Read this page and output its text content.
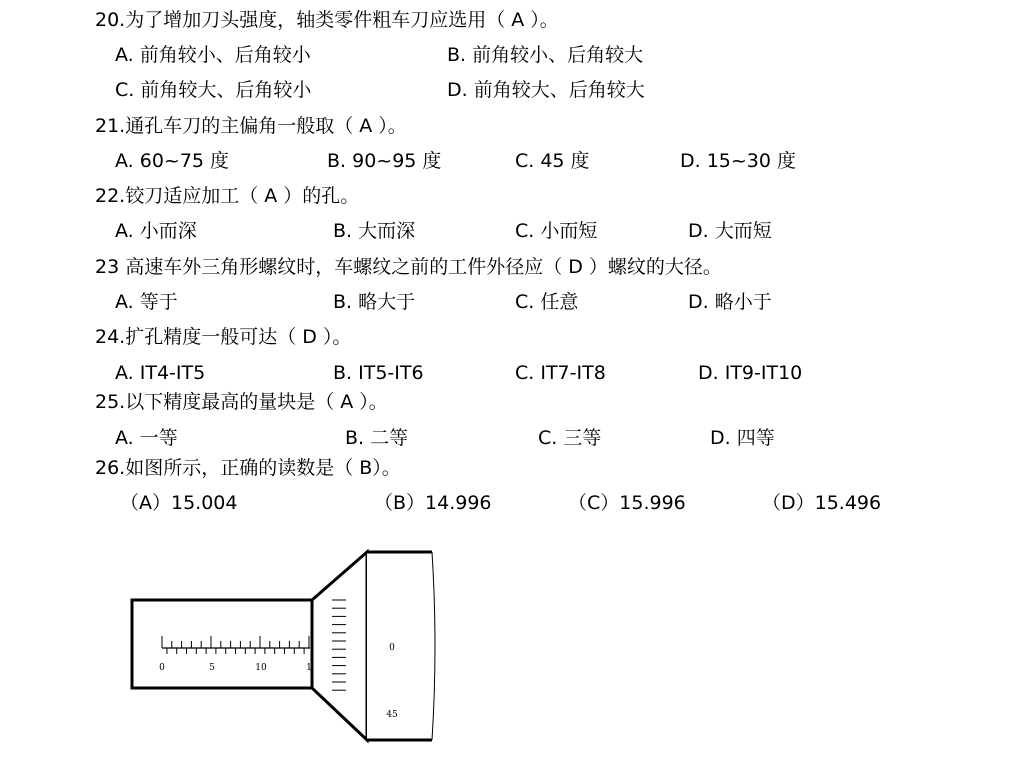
20.为了增加刀头强度，轴类零件粗车刀应选用（ A ）。
A. 前角较小、后角较小	B. 前角较小、后角较大
C. 前角较大、后角较小	D. 前角较大、后角较大
21.通孔车刀的主偏角一般取（ A ）。
A. 60~75 度	B. 90~95 度	C. 45 度	D. 15~30 度
22.铰刀适应加工（ A ）的孔。
A. 小而深	B. 大而深	C. 小而短	D. 大而短
23 高速车外三角形螺纹时，车螺纹之前的工件外径应（ D ）螺纹的大径。
A. 等于	B. 略大于	C. 任意	D. 略小于
24.扩孔精度一般可达（ D ）。
A. IT4-IT5	B. IT5-IT6	C. IT7-IT8	D. IT9-IT10
25.以下精度最高的量块是（ A ）。
A. 一等	B. 二等	C. 三等	D. 四等
26.如图所示，正确的读数是（ B）。
（A）15.004	（B）14.996	（C）15.996	（D）15.496
0	5	10	1
0
45
